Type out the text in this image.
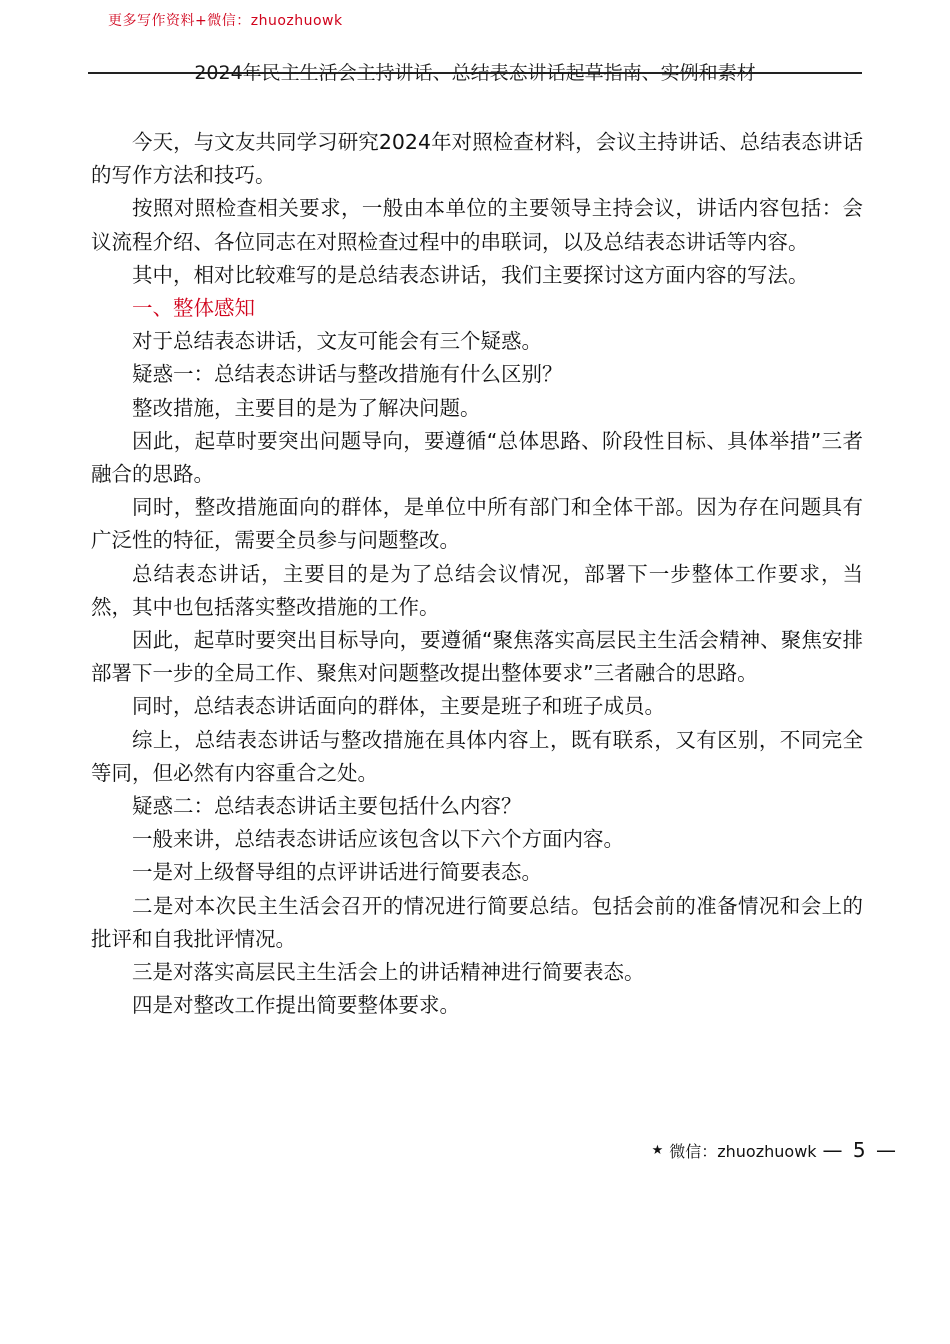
更多写作资料+微信：zhuozhuowk
2024年民主生活会主持讲话、总结表态讲话起草指南、实例和素材

今天，与文友共同学习研究2024年对照检查材料，会议主持讲话、总结表态讲话的写作方法和技巧。

按照对照检查相关要求，一般由本单位的主要领导主持会议，讲话内容包括：会议流程介绍、各位同志在对照检查过程中的串联词，以及总结表态讲话等内容。

其中，相对比较难写的是总结表态讲话，我们主要探讨这方面内容的写法。

一、整体感知

对于总结表态讲话，文友可能会有三个疑惑。

疑惑一：总结表态讲话与整改措施有什么区别？

整改措施，主要目的是为了解决问题。

因此，起草时要突出问题导向，要遵循“总体思路、阶段性目标、具体举措”三者融合的思路。

同时，整改措施面向的群体，是单位中所有部门和全体干部。因为存在问题具有广泛性的特征，需要全员参与问题整改。

总结表态讲话，主要目的是为了总结会议情况，部署下一步整体工作要求，当然，其中也包括落实整改措施的工作。

因此，起草时要突出目标导向，要遵循“聚焦落实高层民主生活会精神、聚焦安排部署下一步的全局工作、聚焦对问题整改提出整体要求”三者融合的思路。

同时，总结表态讲话面向的群体，主要是班子和班子成员。

综上，总结表态讲话与整改措施在具体内容上，既有联系，又有区别，不同完全等同，但必然有内容重合之处。

疑惑二：总结表态讲话主要包括什么内容？

一般来讲，总结表态讲话应该包含以下六个方面内容。

一是对上级督导组的点评讲话进行简要表态。

二是对本次民主生活会召开的情况进行简要总结。包括会前的准备情况和会上的批评和自我批评情况。

三是对落实高层民主生活会上的讲话精神进行简要表态。

四是对整改工作提出简要整体要求。

★ 微信：zhuozhuowk — 5 —
